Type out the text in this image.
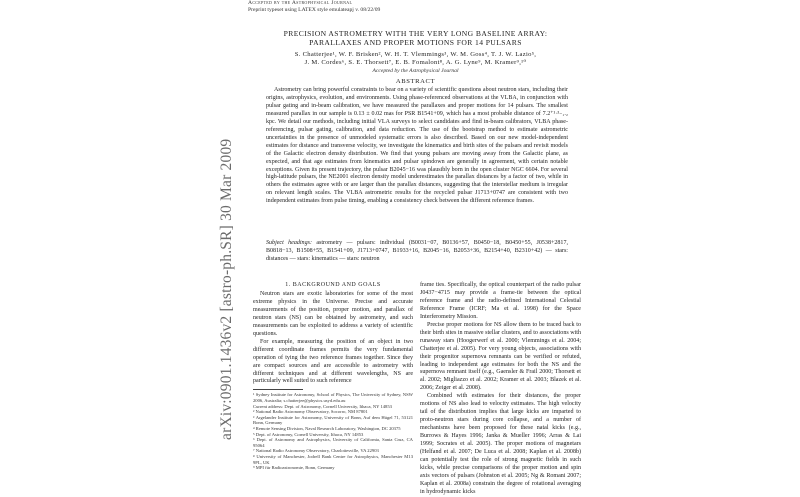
arXiv:0901.1436v2 [astro-ph.SR] 30 Mar 2009
Accepted by the Astrophysical Journal
Preprint typeset using LATEX style emulateapj v. 08/22/09
PRECISION ASTROMETRY WITH THE VERY LONG BASELINE ARRAY:
PARALLAXES AND PROPER MOTIONS FOR 14 PULSARS
S. Chatterjee¹, W. F. Brisken², W. H. T. Vlemmings³, W. M. Goss⁴, T. J. W. Lazio⁵,
J. M. Cordes⁶, S. E. Thorsett⁷, E. B. Fomalont⁸, A. G. Lyne⁹, M. Kramer⁹,¹⁰
Accepted by the Astrophysical Journal
ABSTRACT

Astrometry can bring powerful constraints to bear on a variety of scientific questions about neutron stars, including their origins, astrophysics, evolution, and environments. Using phase-referenced observations at the VLBA, in conjunction with pulsar gating and in-beam calibration, we have measured the parallaxes and proper motions for 14 pulsars. The smallest measured parallax in our sample is 0.13 ± 0.02 mas for PSR B1541+09, which has a most probable distance of 7.2⁺¹·³₋₁.₂ kpc. We detail our methods, including initial VLA surveys to select candidates and find in-beam calibrators, VLBA phase-referencing, pulsar gating, calibration, and data reduction. The use of the bootstrap method to estimate astrometric uncertainties in the presence of unmodeled systematic errors is also described. Based on our new model-independent estimates for distance and transverse velocity, we investigate the kinematics and birth sites of the pulsars and revisit models of the Galactic electron density distribution. We find that young pulsars are moving away from the Galactic plane, as expected, and that age estimates from kinematics and pulsar spindown are generally in agreement, with certain notable exceptions. Given its present trajectory, the pulsar B2045−16 was plausibly born in the open cluster NGC 6604. For several high-latitude pulsars, the NE2001 electron density model underestimates the parallax distances by a factor of two, while in others the estimates agree with or are larger than the parallax distances, suggesting that the interstellar medium is irregular on relevant length scales. The VLBA astrometric results for the recycled pulsar J1713+0747 are consistent with two independent estimates from pulse timing, enabling a consistency check between the different reference frames.

Subject headings: astrometry — pulsars: individual (B0031−07, B0136+57, B0450−18, B0450+55, J0538+2817, B0818−13, B1508+55, B1541+09, J1713+0747, B1933+16, B2045−16, B2053+36, B2154+40, B2310+42) — stars: distances — stars: kinematics — stars: neutron

1. BACKGROUND AND GOALS

Neutron stars are exotic laboratories for some of the most extreme physics in the Universe. Precise and accurate measurements of the position, proper motion, and parallax of neutron stars (NS) can be obtained by astrometry, and such measurements can be exploited to address a variety of scientific questions.

For example, measuring the position of an object in two different coordinate frames permits the very fundamental operation of tying the two reference frames together. Since they are compact sources and are accessible to astrometry with different techniques and at different wavelengths, NS are particularly well suited to such reference

¹ Sydney Institute for Astronomy, School of Physics, The University of Sydney, NSW 2006, Australia; s.chatterjee@physics.usyd.edu.au

Current address: Dept. of Astronomy, Cornell University, Ithaca, NY 14853

² National Radio Astronomy Observatory, Socorro, NM 87801

³ Argelander Institute for Astronomy, University of Bonn, Auf dem Hügel 71, 53121 Bonn, Germany

⁴ Remote Sensing Division, Naval Research Laboratory, Washington, DC 20375

⁵ Dept. of Astronomy, Cornell University, Ithaca, NY 14853

⁶ Dept. of Astronomy and Astrophysics, University of California, Santa Cruz, CA 95064

⁷ National Radio Astronomy Observatory, Charlottesville, VA 22903

⁸ University of Manchester, Jodrell Bank Centre for Astrophysics, Manchester M13 9PL, UK

⁹ MPI für Radioastronomie, Bonn, Germany

frame ties. Specifically, the optical counterpart of the radio pulsar J0437−4715 may provide a frame-tie between the optical reference frame and the radio-defined International Celestial Reference Frame (ICRF; Ma et al. 1998) for the Space Interferometry Mission.

Precise proper motions for NS allow them to be traced back to their birth sites in massive stellar clusters, and to associations with runaway stars (Hoogerwerf et al. 2000; Vlemmings et al. 2004; Chatterjee et al. 2005). For very young objects, associations with their progenitor supernova remnants can be verified or refuted, leading to independent age estimates for both the NS and the supernova remnant itself (e.g., Gaensler & Frail 2000; Thorsett et al. 2002; Migliazzo et al. 2002; Kramer et al. 2003; Blazek et al. 2006; Zeiger et al. 2008).

Combined with estimates for their distances, the proper motions of NS also lead to velocity estimates. The high velocity tail of the distribution implies that large kicks are imparted to proto-neutron stars during core collapse, and a number of mechanisms have been proposed for these natal kicks (e.g., Burrows & Hayes 1996; Janka & Mueller 1996; Arras & Lai 1999; Socrates et al. 2005). The proper motions of magnetars (Helfand et al. 2007; De Luca et al. 2008; Kaplan et al. 2008b) can potentially test the role of strong magnetic fields in such kicks, while precise comparisons of the proper motion and spin axis vectors of pulsars (Johnston et al. 2005; Ng & Romani 2007; Kaplan et al. 2008a) constrain the degree of rotational averaging in hydrodynamic kicks
